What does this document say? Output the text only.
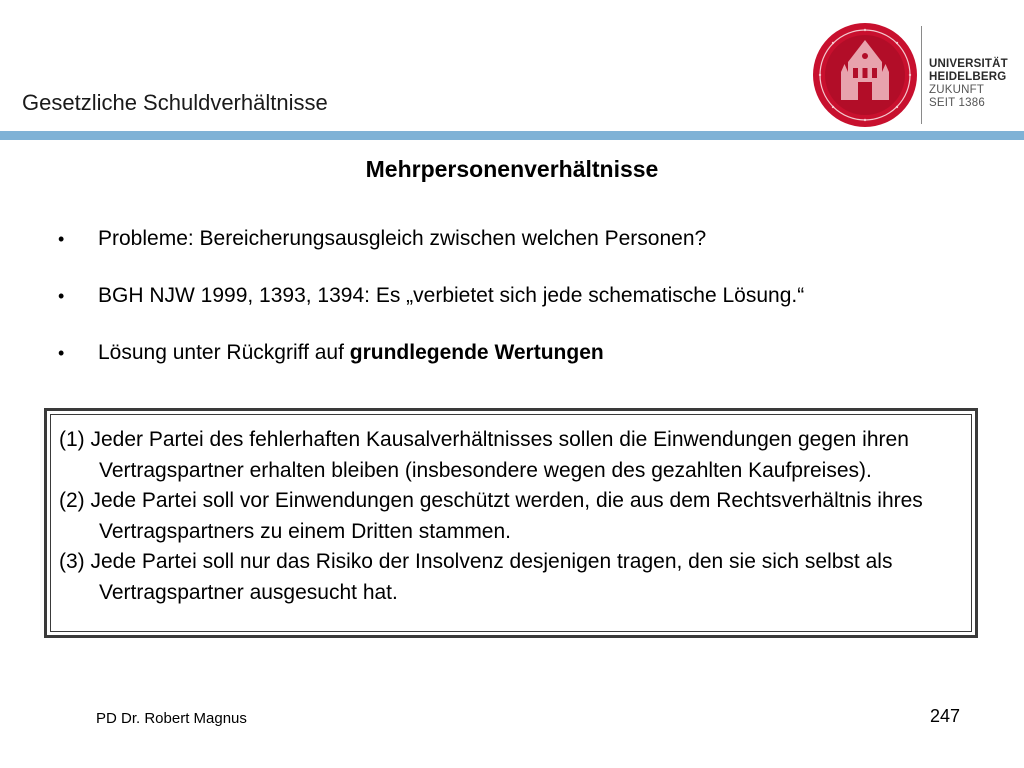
Gesetzliche Schuldverhältnisse
UNIVERSITÄT
HEIDELBERG
ZUKUNFT
SEIT 1386
Mehrpersonenverhältnisse
• Probleme: Bereicherungsausgleich zwischen welchen Personen?
• BGH NJW 1999, 1393, 1394: Es „verbietet sich jede schematische Lösung.“
• Lösung unter Rückgriff auf grundlegende Wertungen

(1) Jeder Partei des fehlerhaften Kausalverhältnisses sollen die Einwendungen gegen ihren Vertragspartner erhalten bleiben (insbesondere wegen des gezahlten Kaufpreises).

(2) Jede Partei soll vor Einwendungen geschützt werden, die aus dem Rechtsverhältnis ihres Vertragspartners zu einem Dritten stammen.

(3) Jede Partei soll nur das Risiko der Insolvenz desjenigen tragen, den sie sich selbst als Vertragspartner ausgesucht hat.

PD Dr. Robert Magnus	247
